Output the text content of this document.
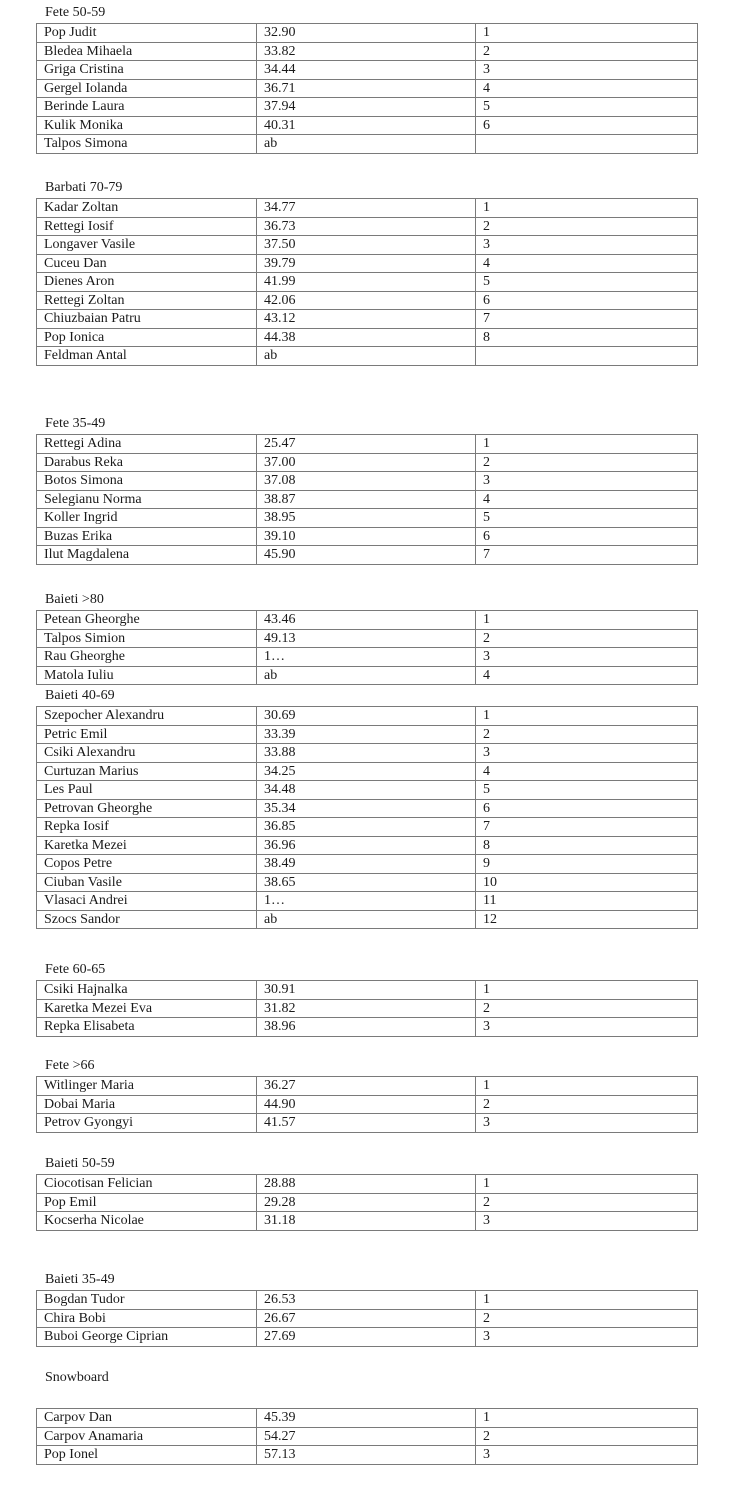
Fete 50-59
Pop Judit	32.90	1
Bledea Mihaela	33.82	2
Griga Cristina	34.44	3
Gergel Iolanda	36.71	4
Berinde Laura	37.94	5
Kulik Monika	40.31	6
Talpos Simona	ab	
Barbati 70-79
Kadar Zoltan	34.77	1
Rettegi Iosif	36.73	2
Longaver Vasile	37.50	3
Cuceu Dan	39.79	4
Dienes Aron	41.99	5
Rettegi Zoltan	42.06	6
Chiuzbaian Patru	43.12	7
Pop Ionica	44.38	8
Feldman Antal	ab	
Fete 35-49
Rettegi Adina	25.47	1
Darabus Reka	37.00	2
Botos Simona	37.08	3
Selegianu Norma	38.87	4
Koller Ingrid	38.95	5
Buzas Erika	39.10	6
Ilut Magdalena	45.90	7
Baieti >80
Petean Gheorghe	43.46	1
Talpos Simion	49.13	2
Rau Gheorghe	1…	3
Matola Iuliu	ab	4
Baieti 40-69
Szepocher Alexandru	30.69	1
Petric Emil	33.39	2
Csiki Alexandru	33.88	3
Curtuzan Marius	34.25	4
Les Paul	34.48	5
Petrovan Gheorghe	35.34	6
Repka Iosif	36.85	7
Karetka Mezei	36.96	8
Copos Petre	38.49	9
Ciuban Vasile	38.65	10
Vlasaci Andrei	1…	11
Szocs Sandor	ab	12
Fete 60-65
Csiki Hajnalka	30.91	1
Karetka Mezei Eva	31.82	2
Repka Elisabeta	38.96	3
Fete >66
Witlinger Maria	36.27	1
Dobai Maria	44.90	2
Petrov Gyongyi	41.57	3
Baieti 50-59
Ciocotisan Felician	28.88	1
Pop Emil	29.28	2
Kocserha Nicolae	31.18	3
Baieti 35-49
Bogdan Tudor	26.53	1
Chira Bobi	26.67	2
Buboi George Ciprian	27.69	3
Snowboard
Carpov Dan	45.39	1
Carpov Anamaria	54.27	2
Pop Ionel	57.13	3
